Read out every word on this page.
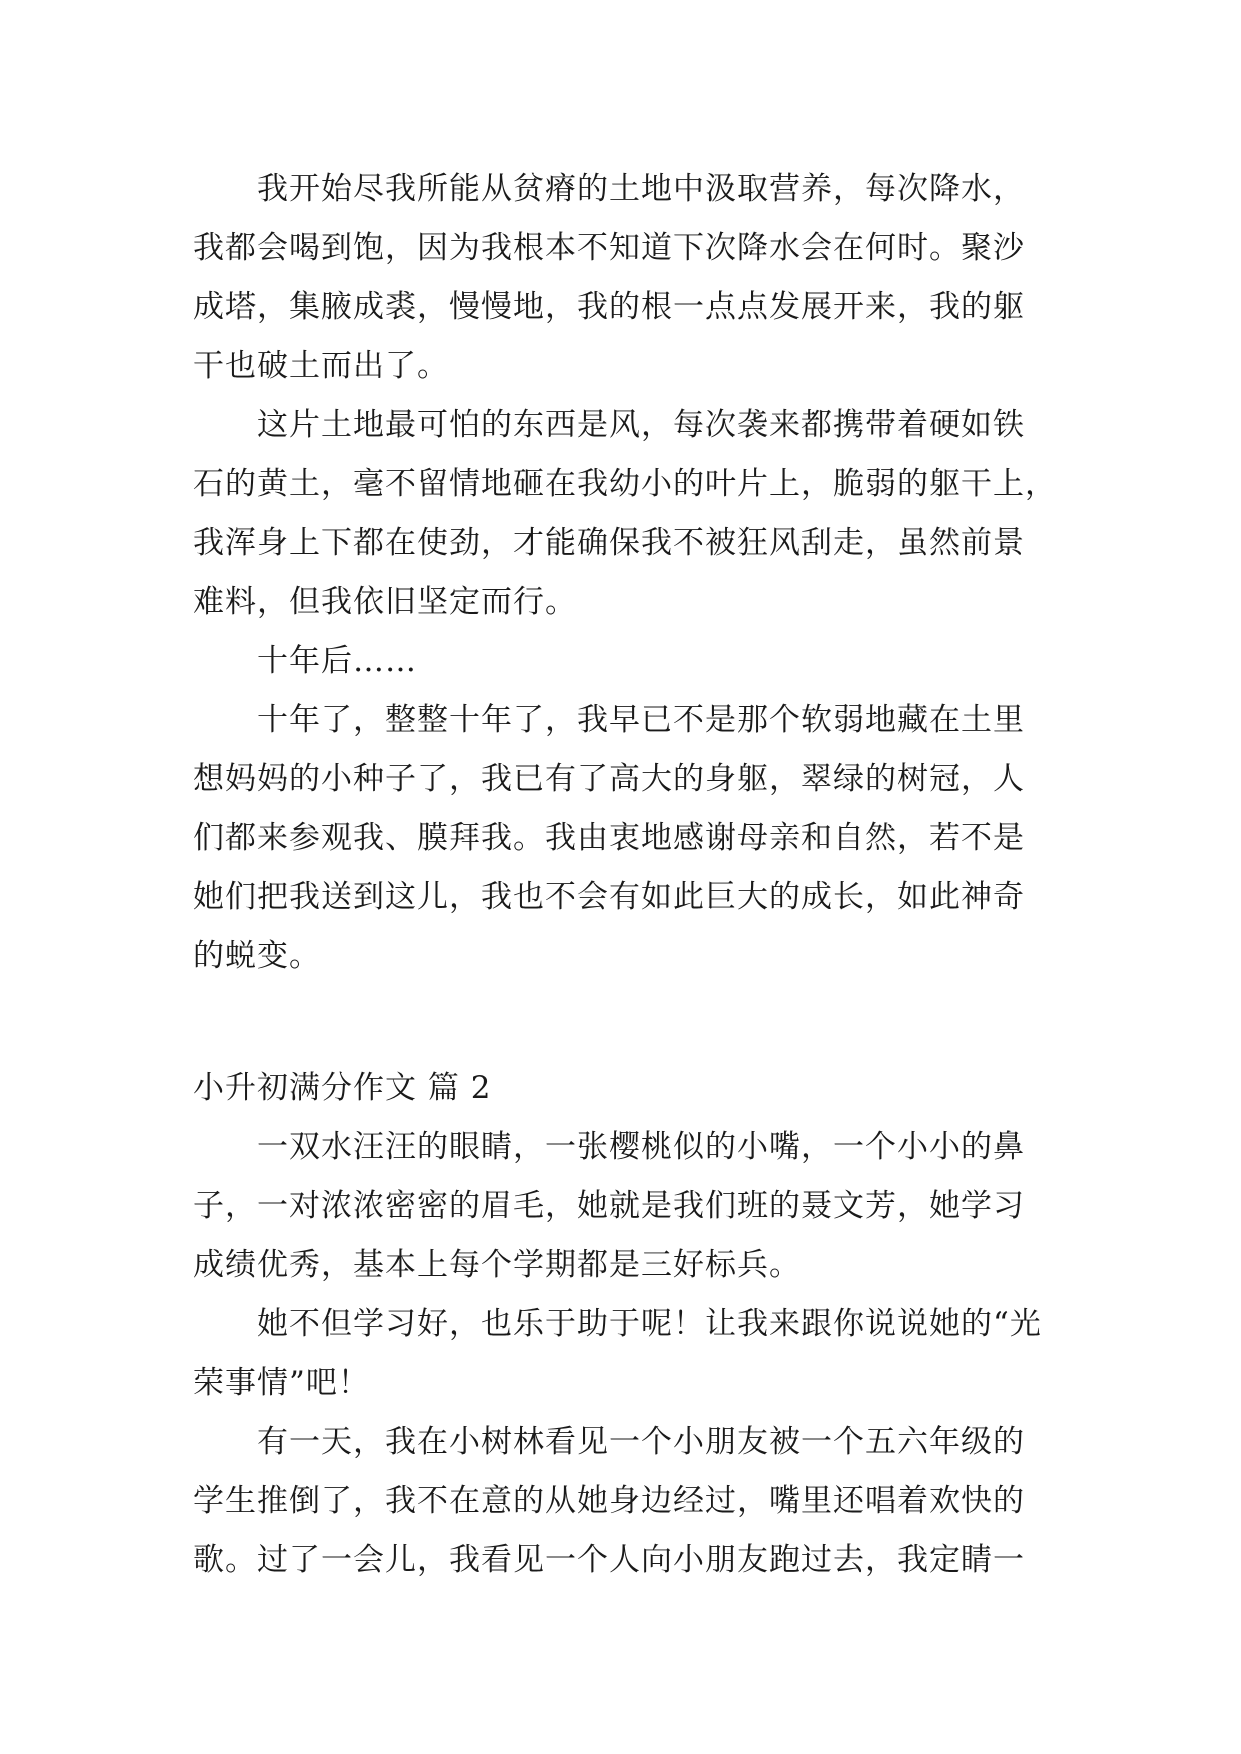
我开始尽我所能从贫瘠的土地中汲取营养，每次降水，
我都会喝到饱，因为我根本不知道下次降水会在何时。聚沙
成塔，集腋成裘，慢慢地，我的根一点点发展开来，我的躯
干也破土而出了。
这片土地最可怕的东西是风，每次袭来都携带着硬如铁
石的黄土，毫不留情地砸在我幼小的叶片上，脆弱的躯干上，
我浑身上下都在使劲，才能确保我不被狂风刮走，虽然前景
难料，但我依旧坚定而行。
十年后……
十年了，整整十年了，我早已不是那个软弱地藏在土里
想妈妈的小种子了，我已有了高大的身躯，翠绿的树冠，人
们都来参观我、膜拜我。我由衷地感谢母亲和自然，若不是
她们把我送到这儿，我也不会有如此巨大的成长，如此神奇
的蜕变。
小升初满分作文 篇 2
一双水汪汪的眼睛，一张樱桃似的小嘴，一个小小的鼻
子，一对浓浓密密的眉毛，她就是我们班的聂文芳，她学习
成绩优秀，基本上每个学期都是三好标兵。
她不但学习好，也乐于助于呢！让我来跟你说说她的“光
荣事情”吧！
有一天，我在小树林看见一个小朋友被一个五六年级的
学生推倒了，我不在意的从她身边经过，嘴里还唱着欢快的
歌。过了一会儿，我看见一个人向小朋友跑过去，我定睛一
